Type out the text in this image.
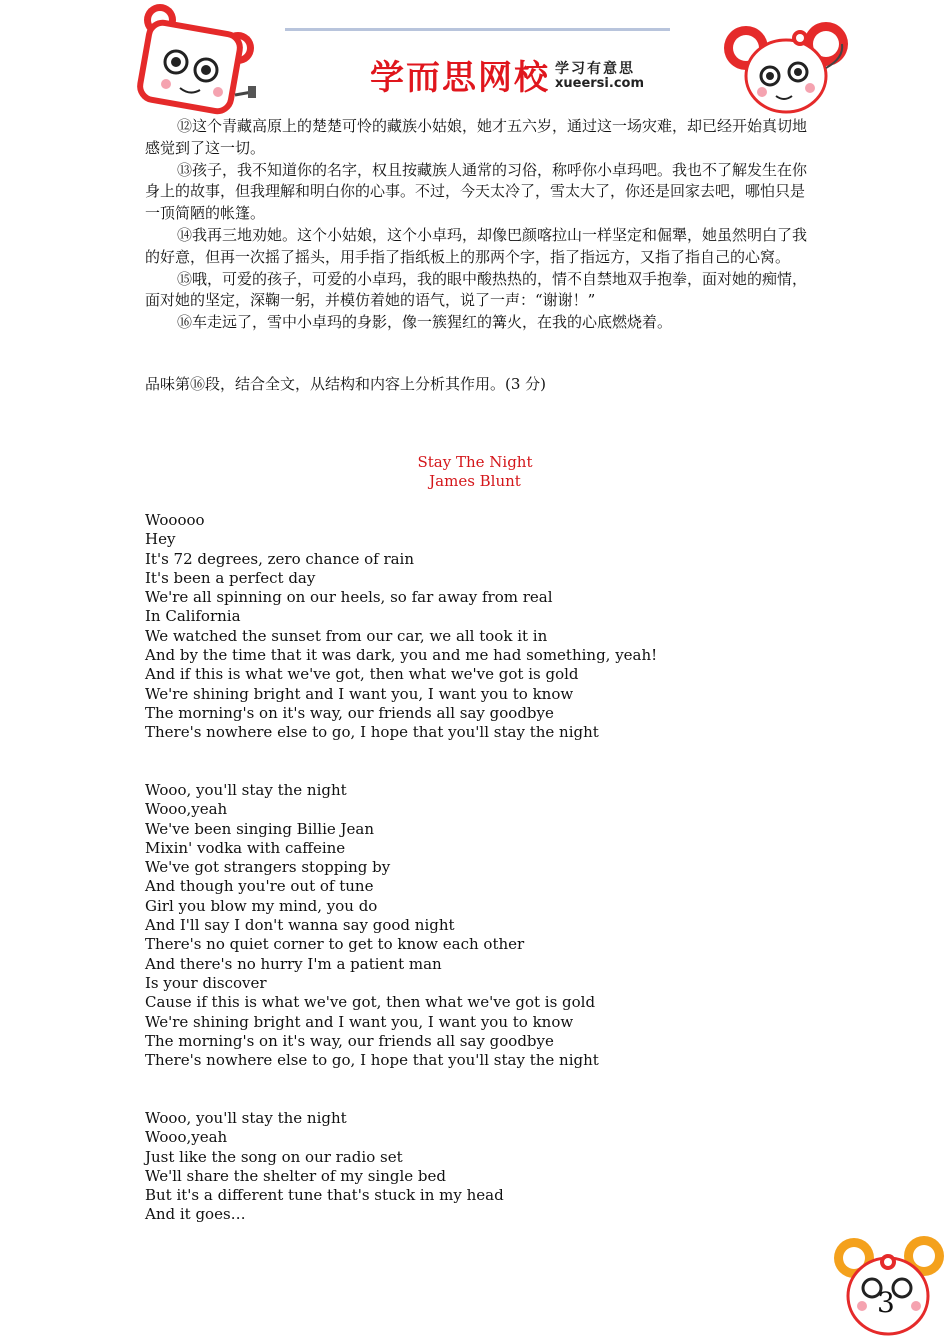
学而思网校 学习有意思
xueersi.com

⑫这个青藏高原上的楚楚可怜的藏族小姑娘，她才五六岁，通过这一场灾难，却已经开始真切地感觉到了这一切。

⑬孩子，我不知道你的名字，权且按藏族人通常的习俗，称呼你小卓玛吧。我也不了解发生在你身上的故事，但我理解和明白你的心事。不过，今天太冷了，雪太大了，你还是回家去吧，哪怕只是一顶简陋的帐篷。

⑭我再三地劝她。这个小姑娘，这个小卓玛，却像巴颜喀拉山一样坚定和倔犟，她虽然明白了我的好意，但再一次摇了摇头，用手指了指纸板上的那两个字，指了指远方，又指了指自己的心窝。

⑮哦，可爱的孩子，可爱的小卓玛，我的眼中酸热热的，情不自禁地双手抱拳，面对她的痴情，面对她的坚定，深鞠一躬，并模仿着她的语气，说了一声：“谢谢！”

⑯车走远了，雪中小卓玛的身影，像一簇猩红的篝火，在我的心底燃烧着。

品味第⑯段，结合全文，从结构和内容上分析其作用。(3 分)
Stay The Night
James Blunt
Wooooo
Hey
It's 72 degrees, zero chance of rain
It's been a perfect day
We're all spinning on our heels, so far away from real
In California
We watched the sunset from our car, we all took it in
And by the time that it was dark, you and me had something, yeah!
And if this is what we've got, then what we've got is gold
We're shining bright and I want you, I want you to know
The morning's on it's way, our friends all say goodbye
There's nowhere else to go, I hope that you'll stay the night
Wooo, you'll stay the night
Wooo,yeah
We've been singing Billie Jean
Mixin' vodka with caffeine
We've got strangers stopping by
And though you're out of tune
Girl you blow my mind, you do
And I'll say I don't wanna say good night
There's no quiet corner to get to know each other
And there's no hurry I'm a patient man
Is your discover
Cause if this is what we've got, then what we've got is gold
We're shining bright and I want you, I want you to know
The morning's on it's way, our friends all say goodbye
There's nowhere else to go, I hope that you'll stay the night
Wooo, you'll stay the night
Wooo,yeah
Just like the song on our radio set
We'll share the shelter of my single bed
But it's a different tune that's stuck in my head
And it goes…
3
